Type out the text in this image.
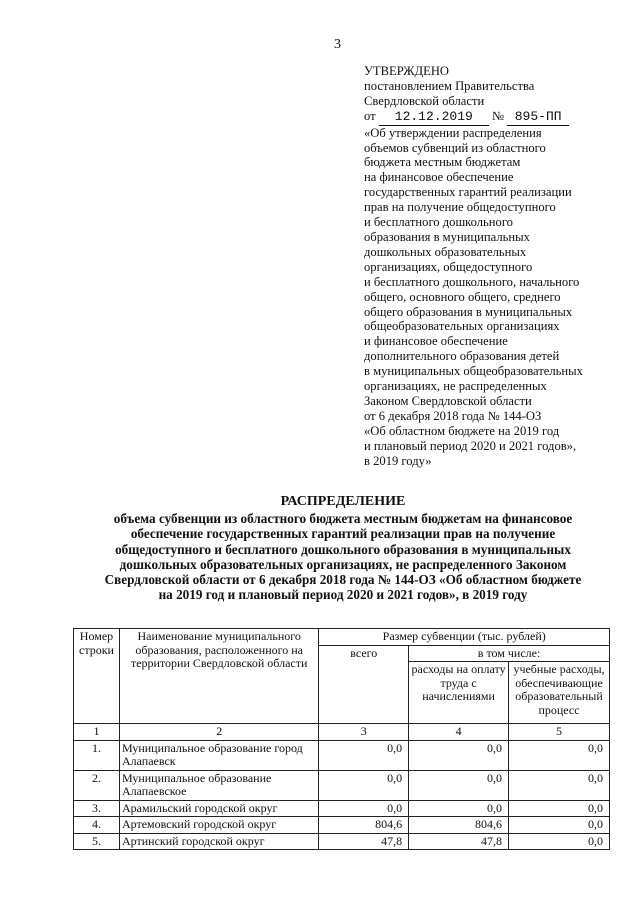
3
УТВЕРЖДЕНО
постановлением Правительства
Свердловской области
от 12.12.2019 № 895-ПП
«Об утверждении распределения
объемов субвенций из областного
бюджета местным бюджетам
на финансовое обеспечение
государственных гарантий реализации
прав на получение общедоступного
и бесплатного дошкольного
образования в муниципальных
дошкольных образовательных
организациях, общедоступного
и бесплатного дошкольного, начального
общего, основного общего, среднего
общего образования в муниципальных
общеобразовательных организациях
и финансовое обеспечение
дополнительного образования детей
в муниципальных общеобразовательных
организациях, не распределенных
Законом Свердловской области
от 6 декабря 2018 года № 144-ОЗ
«Об областном бюджете на 2019 год
и плановый период 2020 и 2021 годов»,
в 2019 году»
РАСПРЕДЕЛЕНИЕ
объема субвенции из областного бюджета местным бюджетам на финансовое
обеспечение государственных гарантий реализации прав на получение
общедоступного и бесплатного дошкольного образования в муниципальных
дошкольных образовательных организациях, не распределенного Законом
Свердловской области от 6 декабря 2018 года № 144-ОЗ «Об областном бюджете
на 2019 год и плановый период 2020 и 2021 годов», в 2019 году
Номер строки	Наименование муниципального образования, расположенного на территории Свердловской области	Размер субвенции (тыс. рублей)		
		всего	в том числе:	
			расходы на оплату труда с начислениями	учебные расходы, обеспечивающие образовательный процесс
1	2	3	4	5
1.	Муниципальное образование город Алапаевск	0,0	0,0	0,0
2.	Муниципальное образование Алапаевское	0,0	0,0	0,0
3.	Арамильский городской округ	0,0	0,0	0,0
4.	Артемовский городской округ	804,6	804,6	0,0
5.	Артинский городской округ	47,8	47,8	0,0
